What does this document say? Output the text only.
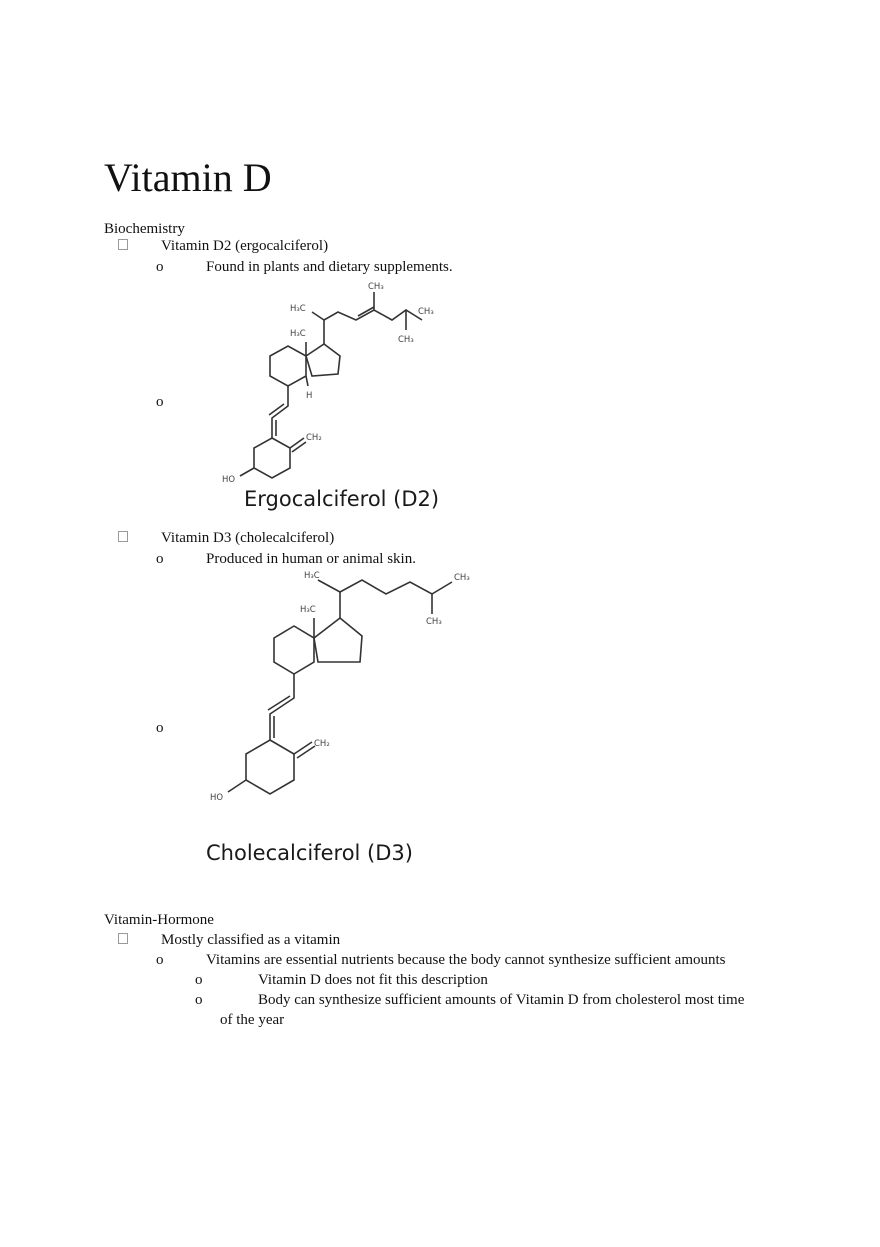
Vitamin D
Biochemistry
Vitamin D2 (ergocalciferol)
o	Found in plants and dietary supplements.
o
H₃C
CH₃
CH₃
CH₃
H₃C
H
CH₂
HO
Ergocalciferol (D2)
Vitamin D3 (cholecalciferol)
o	Produced in human or animal skin.
o
H₃C	CH₃
CH₃
H₃C
CH₂
HO
Cholecalciferol (D3)
Vitamin-Hormone
Mostly classified as a vitamin
o	Vitamins are essential nutrients because the body cannot synthesize sufficient amounts
o	Vitamin D does not fit this description
o	Body can synthesize sufficient amounts of Vitamin D from cholesterol most time
of the year
